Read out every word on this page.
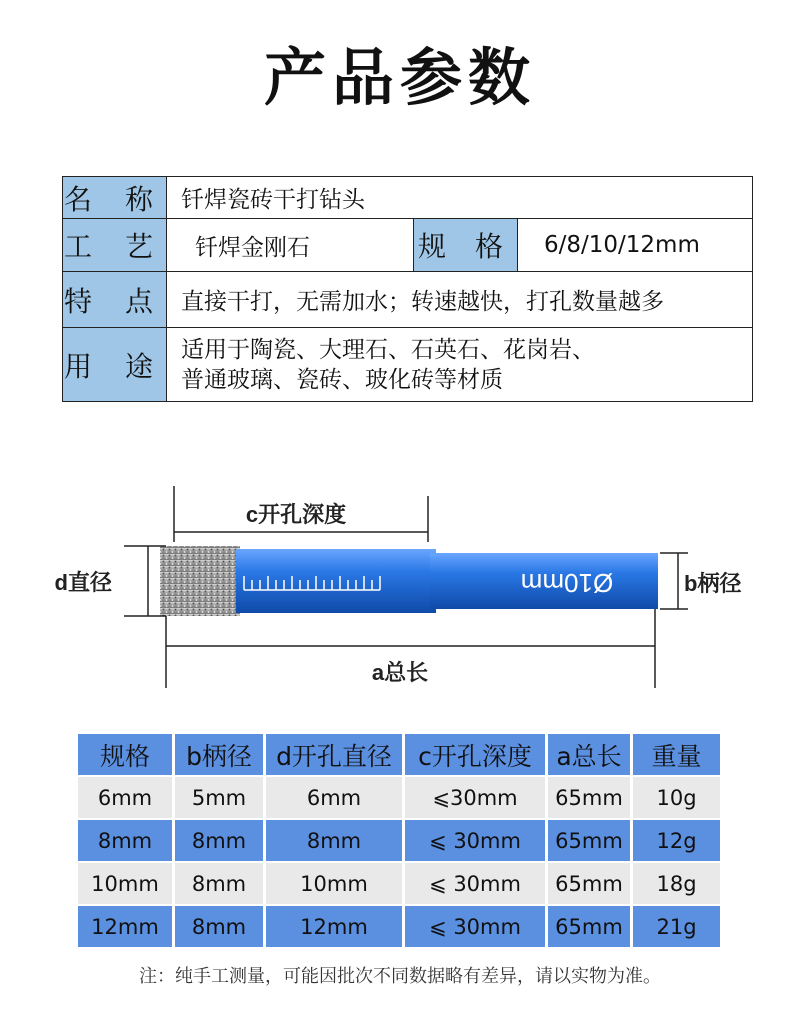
产品参数
名 称	钎焊瓷砖干打钻头		
工 艺	钎焊金刚石	规 格	6/8/10/12mm
特 点	直接干打，无需加水；转速越快，打孔数量越多		
用 途	适用于陶瓷、大理石、石英石、花岗岩、
普通玻璃、瓷砖、玻化砖等材质		
c开孔深度
Ø10mm
d直径	b柄径
a总长
规格	b柄径	d开孔直径	c开孔深度	a总长	重量
6mm	5mm	6mm	⩽30mm	65mm	10g
8mm	8mm	8mm	⩽ 30mm	65mm	12g
10mm	8mm	10mm	⩽ 30mm	65mm	18g
12mm	8mm	12mm	⩽ 30mm	65mm	21g
注：纯手工测量，可能因批次不同数据略有差异，请以实物为准。
